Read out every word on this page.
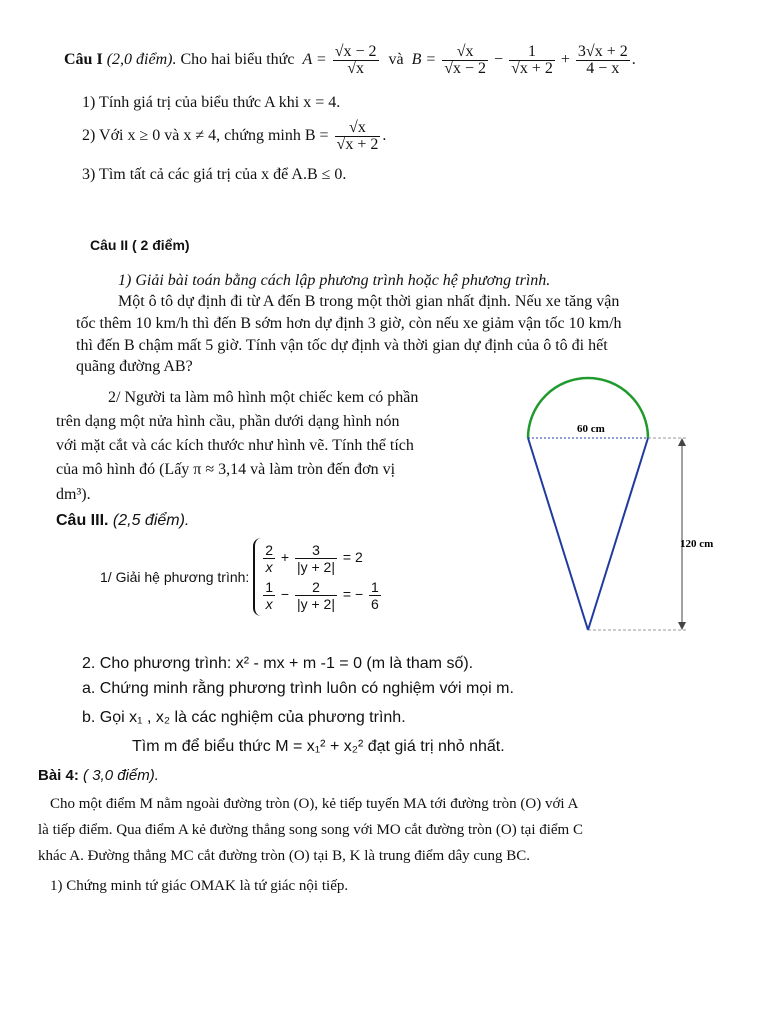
Câu I (2,0 điểm). Cho hai biểu thức $A = \frac{√x - 2}{√x}$ và $B = \frac{√x}{√x - 2} - \frac{1}{√x + 2} + \frac{3√x + 2}{4 - x}$ .
1) Tính giá trị của biểu thức A khi x = 4.
2) Với x ≥ 0 và x ≠ 4, chứng minh $B = \frac{√x}{√x + 2}$ .
3) Tìm tất cả các giá trị của x để A.B ≤ 0.
Câu II ( 2 điểm)
1) Giải bài toán bằng cách lập phương trình hoặc hệ phương trình.
Một ô tô dự định đi từ A đến B trong một thời gian nhất định. Nếu xe tăng vận
tốc thêm 10 km/h thì đến B sớm hơn dự định 3 giờ, còn nếu xe giảm vận tốc 10 km/h
thì đến B chậm mất 5 giờ. Tính vận tốc dự định và thời gian dự định của ô tô đi hết
quãng đường AB?
2/ Người ta làm mô hình một chiếc kem có phần
trên dạng một nửa hình cầu, phần dưới dạng hình nón
với mặt cắt và các kích thước như hình vẽ. Tính thể tích
của mô hình đó (Lấy π ≈ 3,14 và làm tròn đến đơn vị
dm³).
60 cm
120 cm
Câu III. (2,5 điểm).
1/ Giải hệ phương trình:
$\frac{2}{x} + \frac{3}{|y + 2|} = 2$
$\frac{1}{x} - \frac{2}{|y + 2|}$ = − $\frac{1}{6}$
2. Cho phương trình: x² - mx + m -1 = 0 (m là tham số).
a. Chứng minh rằng phương trình luôn có nghiệm với mọi m.
b. Gọi x₁ , x₂ là các nghiệm của phương trình.
Tìm m để biểu thức M = x₁² + x₂² đạt giá trị nhỏ nhất.
Bài 4: ( 3,0 điểm).
Cho một điểm M nằm ngoài đường tròn (O), kẻ tiếp tuyến MA tới đường tròn (O) với A
là tiếp điểm. Qua điểm A kẻ đường thẳng song song với MO cắt đường tròn (O) tại điểm C
khác A. Đường thẳng MC cắt đường tròn (O) tại B, K là trung điểm dây cung BC.
1) Chứng minh tứ giác OMAK là tứ giác nội tiếp.
